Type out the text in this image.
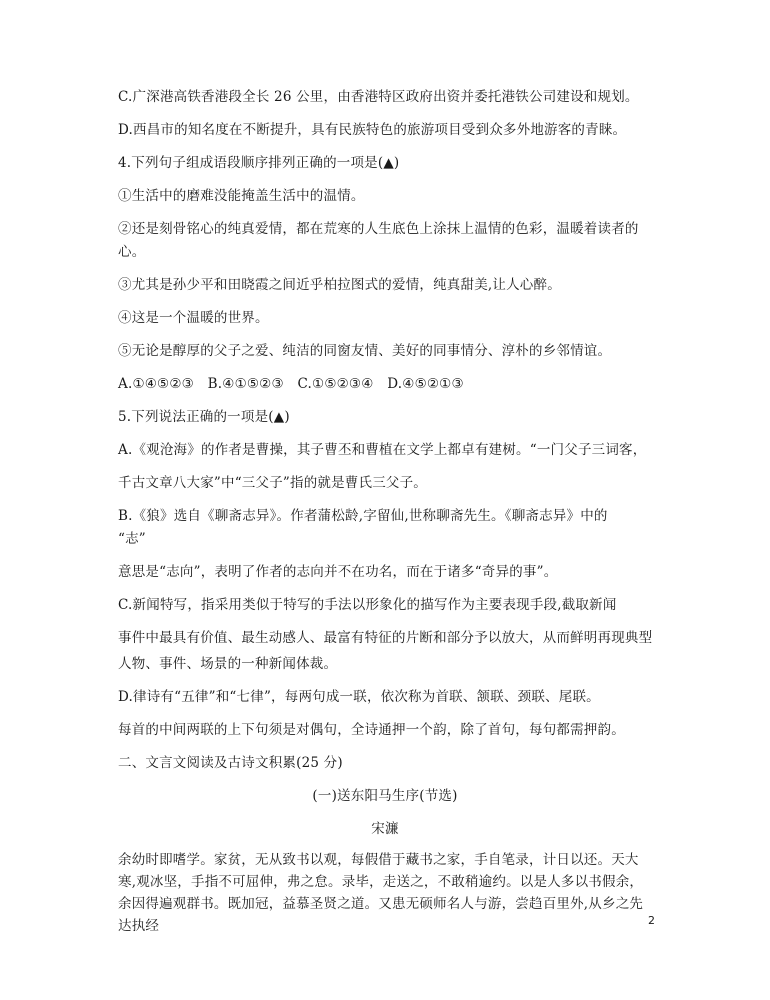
C.广深港高铁香港段全长 26 公里，由香港特区政府出资并委托港铁公司建设和规划。
D.西昌市的知名度在不断提升，具有民族特色的旅游项目受到众多外地游客的青睐。
4.下列句子组成语段顺序排列正确的一项是(▲)
①生活中的磨难没能掩盖生活中的温情。
②还是刻骨铭心的纯真爱情，都在荒寒的人生底色上涂抹上温情的色彩，温暖着读者的
心。
③尤其是孙少平和田晓霞之间近乎柏拉图式的爱情，纯真甜美,让人心醉。
④这是一个温暖的世界。
⑤无论是醇厚的父子之爱、纯洁的同窗友情、美好的同事情分、淳朴的乡邻情谊。
A.①④⑤②③　B.④①⑤②③　C.①⑤②③④　D.④⑤②①③
5.下列说法正确的一项是(▲)
A.《观沧海》的作者是曹操，其子曹丕和曹植在文学上都卓有建树。“一门父子三词客，
千古文章八大家”中“三父子”指的就是曹氏三父子。
B.《狼》选自《聊斋志异》。作者蒲松龄,字留仙,世称聊斋先生。《聊斋志异》中的
“志”
意思是“志向”，表明了作者的志向并不在功名，而在于诸多“奇异的事”。
C.新闻特写，指采用类似于特写的手法以形象化的描写作为主要表现手段,截取新闻
事件中最具有价值、最生动感人、最富有特征的片断和部分予以放大，从而鲜明再现典型
人物、事件、场景的一种新闻体裁。
D.律诗有“五律”和“七律”，每两句成一联，依次称为首联、颔联、颈联、尾联。
每首的中间两联的上下句须是对偶句，全诗通押一个韵，除了首句，每句都需押韵。
二、文言文阅读及古诗文积累(25 分)
(一)送东阳马生序(节选)
宋濂
余幼时即嗜学。家贫，无从致书以观，每假借于藏书之家，手自笔录，计日以还。天大寒,观冰坚，手指不可屈伸，弗之怠。录毕，走送之，不敢稍逾约。以是人多以书假余，余因得遍观群书。既加冠，益慕圣贤之道。又患无硕师名人与游，尝趋百里外,从乡之先达执经	2
